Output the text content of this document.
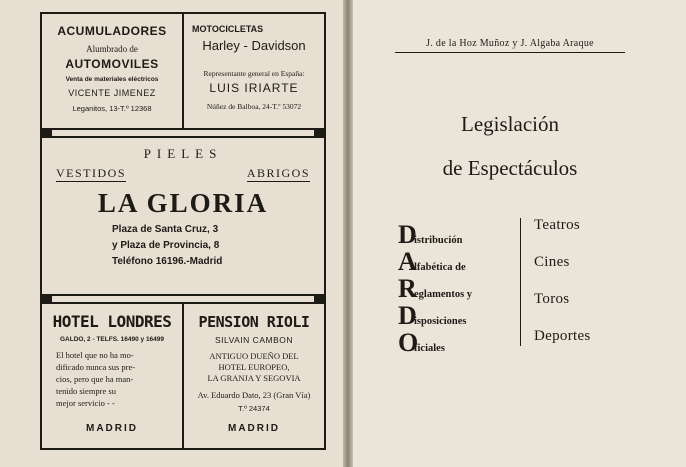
ACUMULADORES
Alumbrado de
AUTOMOVILES
Venta de materiales eléctricos
VICENTE JIMENEZ
Leganitos, 13-T.º 12368
MOTOCICLETAS
Harley - Davidson
Representante general en España:
LUIS IRIARTE
Núñez de Balboa, 24-T.º 53072
PIELES
VESTIDOS	ABRIGOS
LA GLORIA
Plaza de Santa Cruz, 3
y Plaza de Provincia, 8
Teléfono 16196.-Madrid
HOTEL LONDRES
GALDO, 2 - TELFS. 16490 y 16499
El hotel que no ha mo-
dificado nunca sus pre-
cios, pero que ha man-
tenido siempre su
mejor servicio - -
MADRID
PENSION RIOLI
SILVAIN CAMBON
ANTIGUO DUEÑO DEL
HOTEL EUROPEO,
LA GRANJA Y SEGOVIA
Av. Eduardo Dato, 23 (Gran Vía)
T.º 24374
MADRID
J. de la Hoz Muñoz y J. Algaba Araque
Legislación
de Espectáculos
D
istribución
A
lfabética de
R
eglamentos y
D
isposiciones
O
ficiales
Teatros
Cines
Toros
Deportes
